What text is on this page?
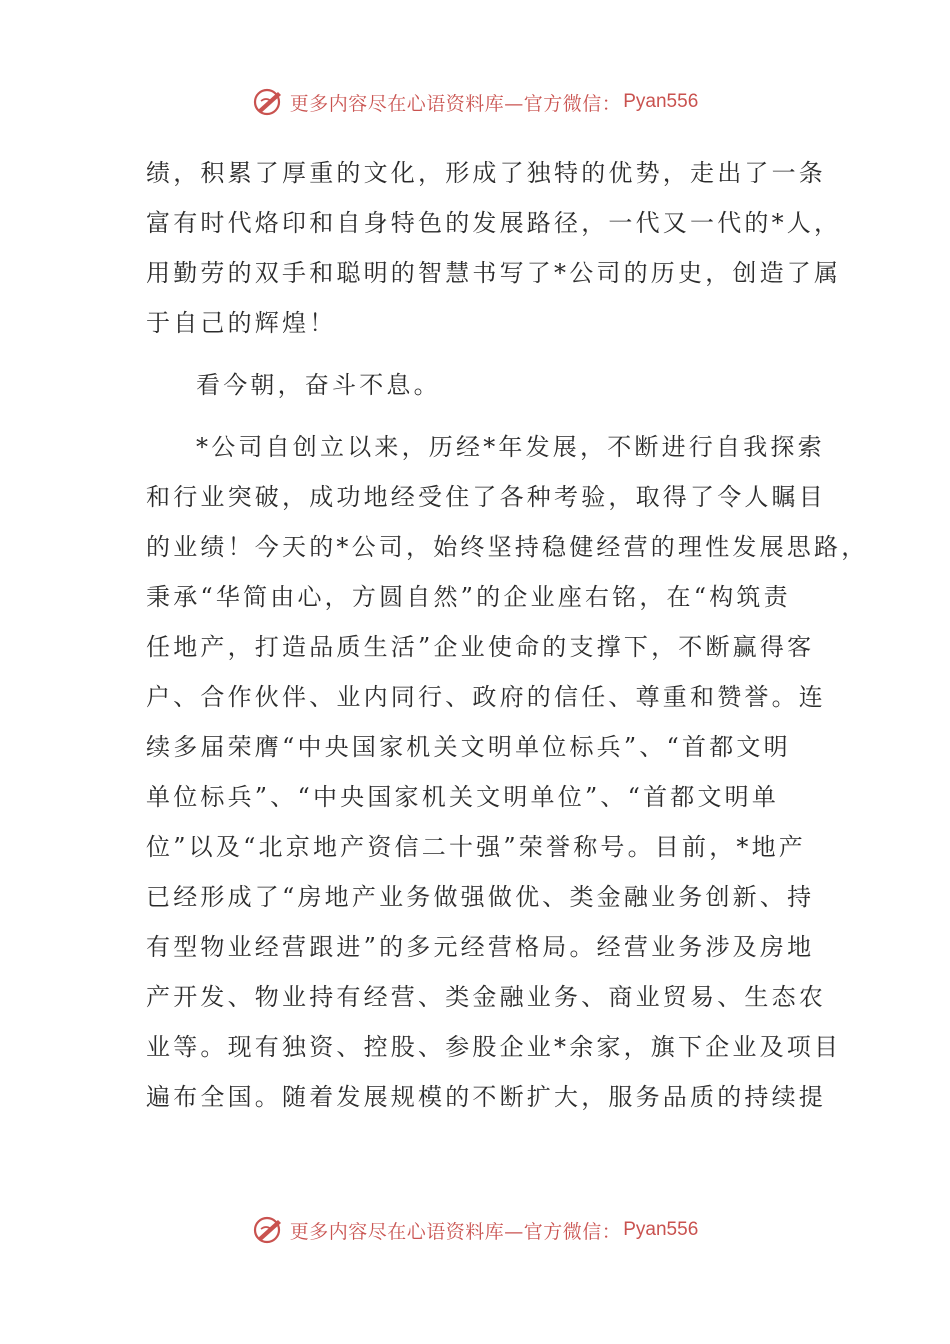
更多内容尽在心语资料库—官方微信： Pyan556
绩，积累了厚重的文化，形成了独特的优势，走出了一条
富有时代烙印和自身特色的发展路径，一代又一代的*人，
用勤劳的双手和聪明的智慧书写了*公司的历史，创造了属
于自己的辉煌！
看今朝，奋斗不息。
*公司自创立以来，历经*年发展，不断进行自我探索
和行业突破，成功地经受住了各种考验，取得了令人瞩目
的业绩！今天的*公司，始终坚持稳健经营的理性发展思路，
秉承“华简由心，方圆自然”的企业座右铭，在“构筑责
任地产，打造品质生活”企业使命的支撑下，不断赢得客
户、合作伙伴、业内同行、政府的信任、尊重和赞誉。连
续多届荣膺“中央国家机关文明单位标兵”、“首都文明
单位标兵”、“中央国家机关文明单位”、“首都文明单
位”以及“北京地产资信二十强”荣誉称号。目前，*地产
已经形成了“房地产业务做强做优、类金融业务创新、持
有型物业经营跟进”的多元经营格局。经营业务涉及房地
产开发、物业持有经营、类金融业务、商业贸易、生态农
业等。现有独资、控股、参股企业*余家，旗下企业及项目
遍布全国。随着发展规模的不断扩大，服务品质的持续提
更多内容尽在心语资料库—官方微信： Pyan556
